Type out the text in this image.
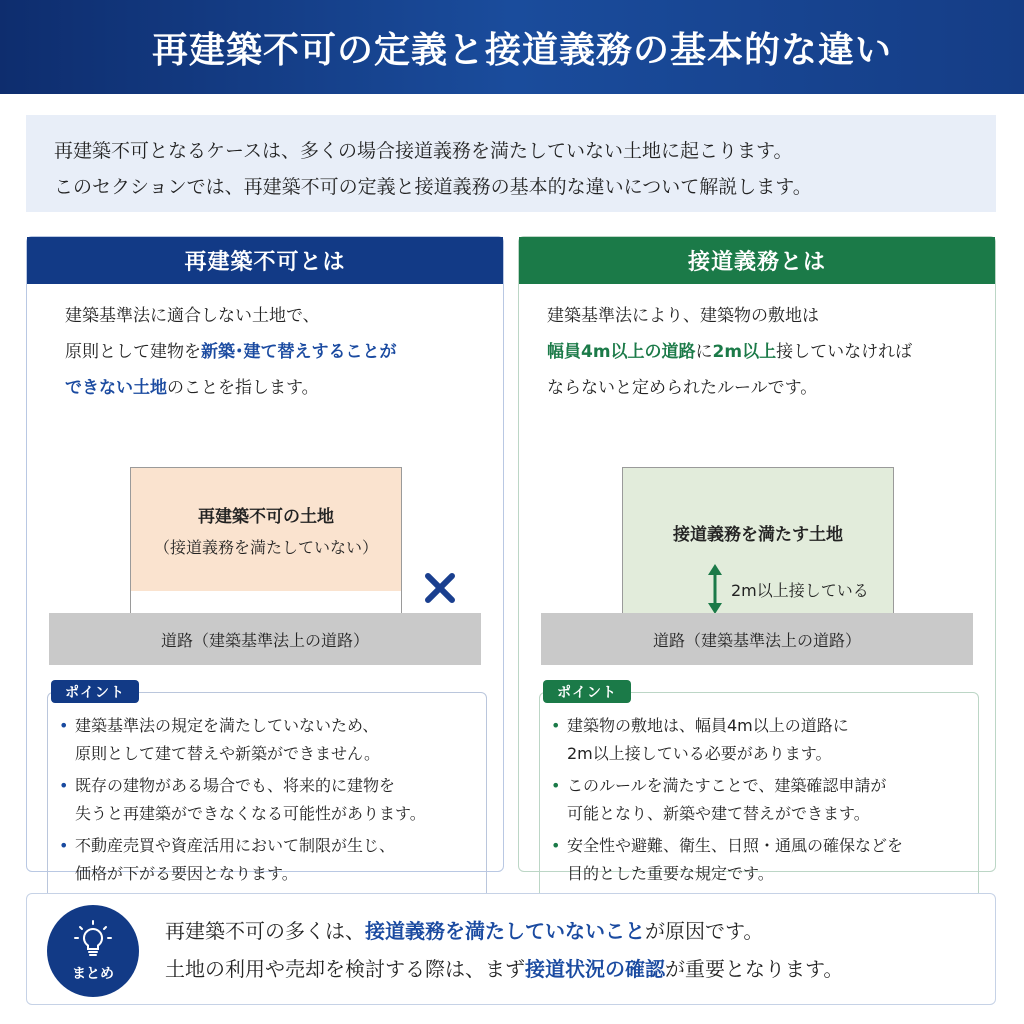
再建築不可の定義と接道義務の基本的な違い

再建築不可となるケースは、多くの場合接道義務を満たしていない土地に起こります。

このセクションでは、再建築不可の定義と接道義務の基本的な違いについて解説します。

再建築不可とは
建築基準法に適合しない土地で、
原則として建物を新築･建て替えすることが
できない土地のことを指します。
再建築不可の土地
（接道義務を満たしていない）
道路（建築基準法上の道路）
ポイント
• 建築基準法の規定を満たしていないため、
原則として建て替えや新築ができません。
• 既存の建物がある場合でも、将来的に建物を
失うと再建築ができなくなる可能性があります。
• 不動産売買や資産活用において制限が生じ、
価格が下がる要因となります。
接道義務とは
建築基準法により、建築物の敷地は
幅員4m以上の道路に2m以上接していなければ
ならないと定められたルールです。
接道義務を満たす土地
2m以上接している
道路（建築基準法上の道路）
ポイント
• 建築物の敷地は、幅員4m以上の道路に
2m以上接している必要があります。
• このルールを満たすことで、建築確認申請が
可能となり、新築や建て替えができます。
• 安全性や避難、衛生、日照・通風の確保などを
目的とした重要な規定です。
まとめ
再建築不可の多くは、接道義務を満たしていないことが原因です。
土地の利用や売却を検討する際は、まず接道状況の確認が重要となります。
